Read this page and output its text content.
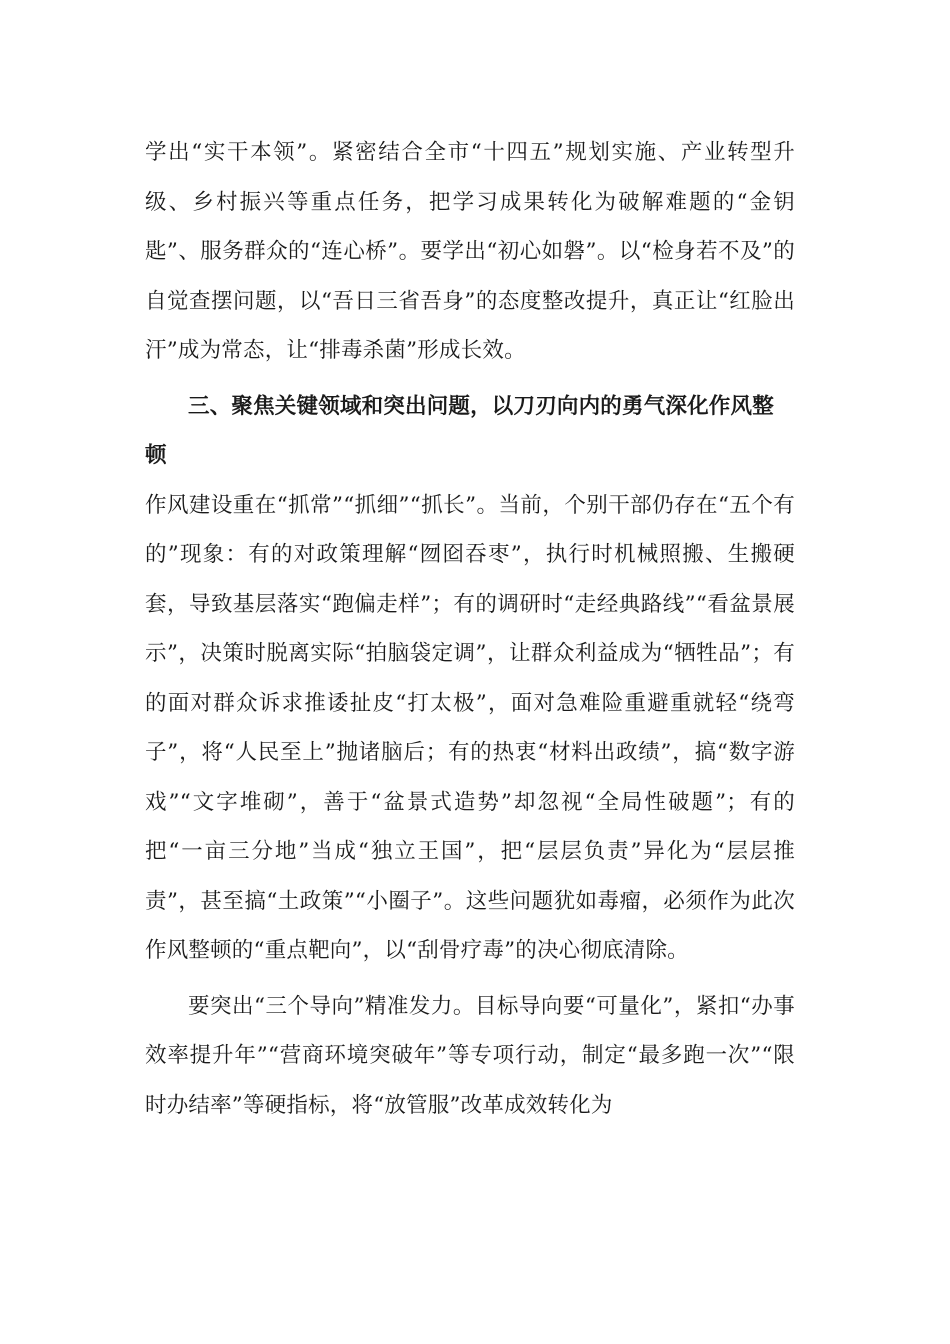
学出“实干本领”。紧密结合全市“十四五”规划实施、产业转型升级、乡村振兴等重点任务，把学习成果转化为破解难题的“金钥匙”、服务群众的“连心桥”。要学出“初心如磐”。以“检身若不及”的自觉查摆问题，以“吾日三省吾身”的态度整改提升，真正让“红脸出汗”成为常态，让“排毒杀菌”形成长效。

三、聚焦关键领域和突出问题，以刀刃向内的勇气深化作风整顿

作风建设重在“抓常”“抓细”“抓长”。当前，个别干部仍存在“五个有的”现象：有的对政策理解“囫囵吞枣”，执行时机械照搬、生搬硬套，导致基层落实“跑偏走样”；有的调研时“走经典路线”“看盆景展示”，决策时脱离实际“拍脑袋定调”，让群众利益成为“牺牲品”；有的面对群众诉求推诿扯皮“打太极”，面对急难险重避重就轻“绕弯子”，将“人民至上”抛诸脑后；有的热衷“材料出政绩”，搞“数字游戏”“文字堆砌”，善于“盆景式造势”却忽视“全局性破题”；有的把“一亩三分地”当成“独立王国”，把“层层负责”异化为“层层推责”，甚至搞“土政策”“小圈子”。这些问题犹如毒瘤，必须作为此次作风整顿的“重点靶向”，以“刮骨疗毒”的决心彻底清除。

要突出“三个导向”精准发力。目标导向要“可量化”，紧扣“办事效率提升年”“营商环境突破年”等专项行动，制定“最多跑一次”“限时办结率”等硬指标，将“放管服”改革成效转化为
